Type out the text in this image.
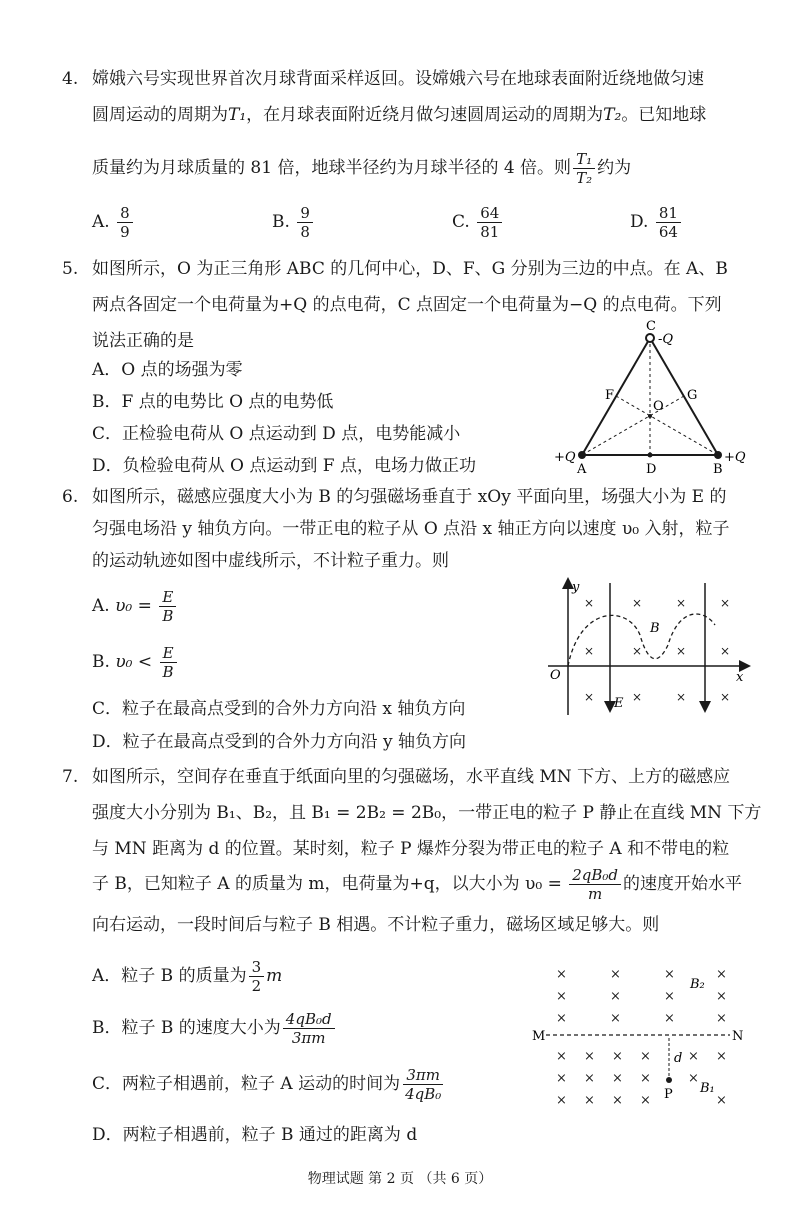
4. 嫦娥六号实现世界首次月球背面采样返回。设嫦娥六号在地球表面附近绕地做匀速
圆周运动的周期为T₁，在月球表面附近绕月做匀速圆周运动的周期为T₂。已知地球
质量约为月球质量的 81 倍，地球半径约为月球半径的 4 倍。则 $\frac{\text{T₁}}{\text{T₂}}$ 约为
A. $\frac{8}{9}$	B. $\frac{9}{8}$	C. $\frac{64}{81}$	D. $\frac{81}{64}$
5. 如图所示，O 为正三角形 ABC 的几何中心，D、F、G 分别为三边的中点。在 A、B
两点各固定一个电荷量为+Q 的点电荷，C 点固定一个电荷量为−Q 的点电荷。下列
说法正确的是
A．O 点的场强为零
B．F 点的电势比 O 点的电势低
C．正检验电荷从 O 点运动到 D 点，电势能减小
D．负检验电荷从 O 点运动到 F 点，电场力做正功
C
-Q
F	G
O
+Q	+Q
A	D	B
6. 如图所示，磁感应强度大小为 B 的匀强磁场垂直于 xOy 平面向里，场强大小为 E 的
匀强电场沿 y 轴负方向。一带正电的粒子从 O 点沿 x 轴正方向以速度 υ₀ 入射，粒子
的运动轨迹如图中虚线所示，不计粒子重力。则
A. $\upsilon_0 = \frac{E}{B}$
B. $\upsilon_0 < \frac{E}{B}$
C．粒子在最高点受到的合外力方向沿 x 轴负方向
D．粒子在最高点受到的合外力方向沿 y 轴负方向
y
x
O
E
B
×	×	×	×
×	×	×	×
×	×	×	×
7. 如图所示，空间存在垂直于纸面向里的匀强磁场，水平直线 MN 下方、上方的磁感应
强度大小分别为 B₁、B₂，且 B₁ = 2B₂ = 2B₀，一带正电的粒子 P 静止在直线 MN 下方
与 MN 距离为 d 的位置。某时刻，粒子 P 爆炸分裂为带正电的粒子 A 和不带电的粒
子 B，已知粒子 A 的质量为 m，电荷量为+q，以大小为 $\upsilon_0 = \frac{\text{2qB₀d}}{m}$ 的速度开始水平
向右运动，一段时间后与粒子 B 相遇。不计粒子重力，磁场区域足够大。则
A．粒子 B 的质量为 $\frac{3}{2}$ m
B．粒子 B 的速度大小为 $\frac{\text{4qB₀d}}{3\pi m}$
C．两粒子相遇前，粒子 A 运动的时间为 $\frac{3\pi m}{\text{4qB₀}}$
D．两粒子相遇前，粒子 B 通过的距离为 d
×	×	×	×
×	×	×	×
×	×	×	×
B₂
M	N
× × × ×	× ×
× × × ×	×
× × × ×	×
d
P B₁
物理试题 第 2 页 （共 6 页）
